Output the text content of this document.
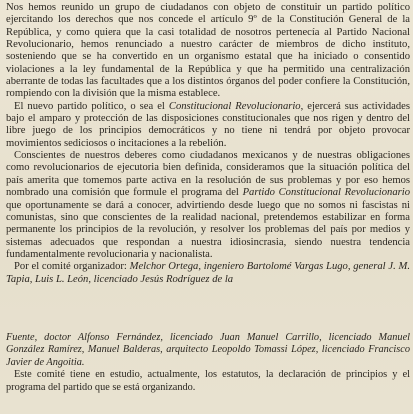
Nos hemos reunido un grupo de ciudadanos con objeto de constituir un partido político ejercitando los derechos que nos concede el artículo 9º de la Constitución General de la República, y como quiera que la casi totalidad de nosotros pertenecía al Partido Nacional Revolucionario, hemos renunciado a nuestro carácter de miembros de dicho instituto, sosteniendo que se ha convertido en un organismo estatal que ha iniciado o consentido violaciones a la ley fundamental de la República y que ha permitido una centralización aberrante de todas las facultades que a los distintos órganos del poder confiere la Constitución, rompiendo con la división que la misma establece.

El nuevo partido político, o sea el Constitucional Revolucionario, ejercerá sus actividades bajo el amparo y protección de las disposiciones constitucionales que nos rigen y dentro del libre juego de los principios democráticos y no tiene ni tendrá por objeto provocar movimientos sediciosos o incitaciones a la rebelión.

Conscientes de nuestros deberes como ciudadanos mexicanos y de nuestras obligaciones como revolucionarios de ejecutoria bien definida, consideramos que la situación política del país amerita que tomemos parte activa en la resolución de sus problemas y por eso hemos nombrado una comisión que formule el programa del Partido Constitucional Revolucionario que oportunamente se dará a conocer, advirtiendo desde luego que no somos ni fascistas ni comunistas, sino que conscientes de la realidad nacional, pretendemos estabilizar en forma permanente los principios de la revolución, y resolver los problemas del país por medios y sistemas adecuados que respondan a nuestra idiosincrasia, siendo nuestra tendencia fundamentalmente revolucionaria y nacionalista.

Por el comité organizador: Melchor Ortega, ingeniero Bartolomé Vargas Lugo, general J. M. Tapia, Luis L. León, licenciado Jesús Rodríguez de la

Fuente, doctor Alfonso Fernández, licenciado Juan Manuel Carrillo, licenciado Manuel González Ramírez, Manuel Balderas, arquitecto Leopoldo Tomassi López, licenciado Francisco Javier de Angoitia.

Este comité tiene en estudio, actualmente, los estatutos, la declaración de principios y el programa del partido que se está organizando.
